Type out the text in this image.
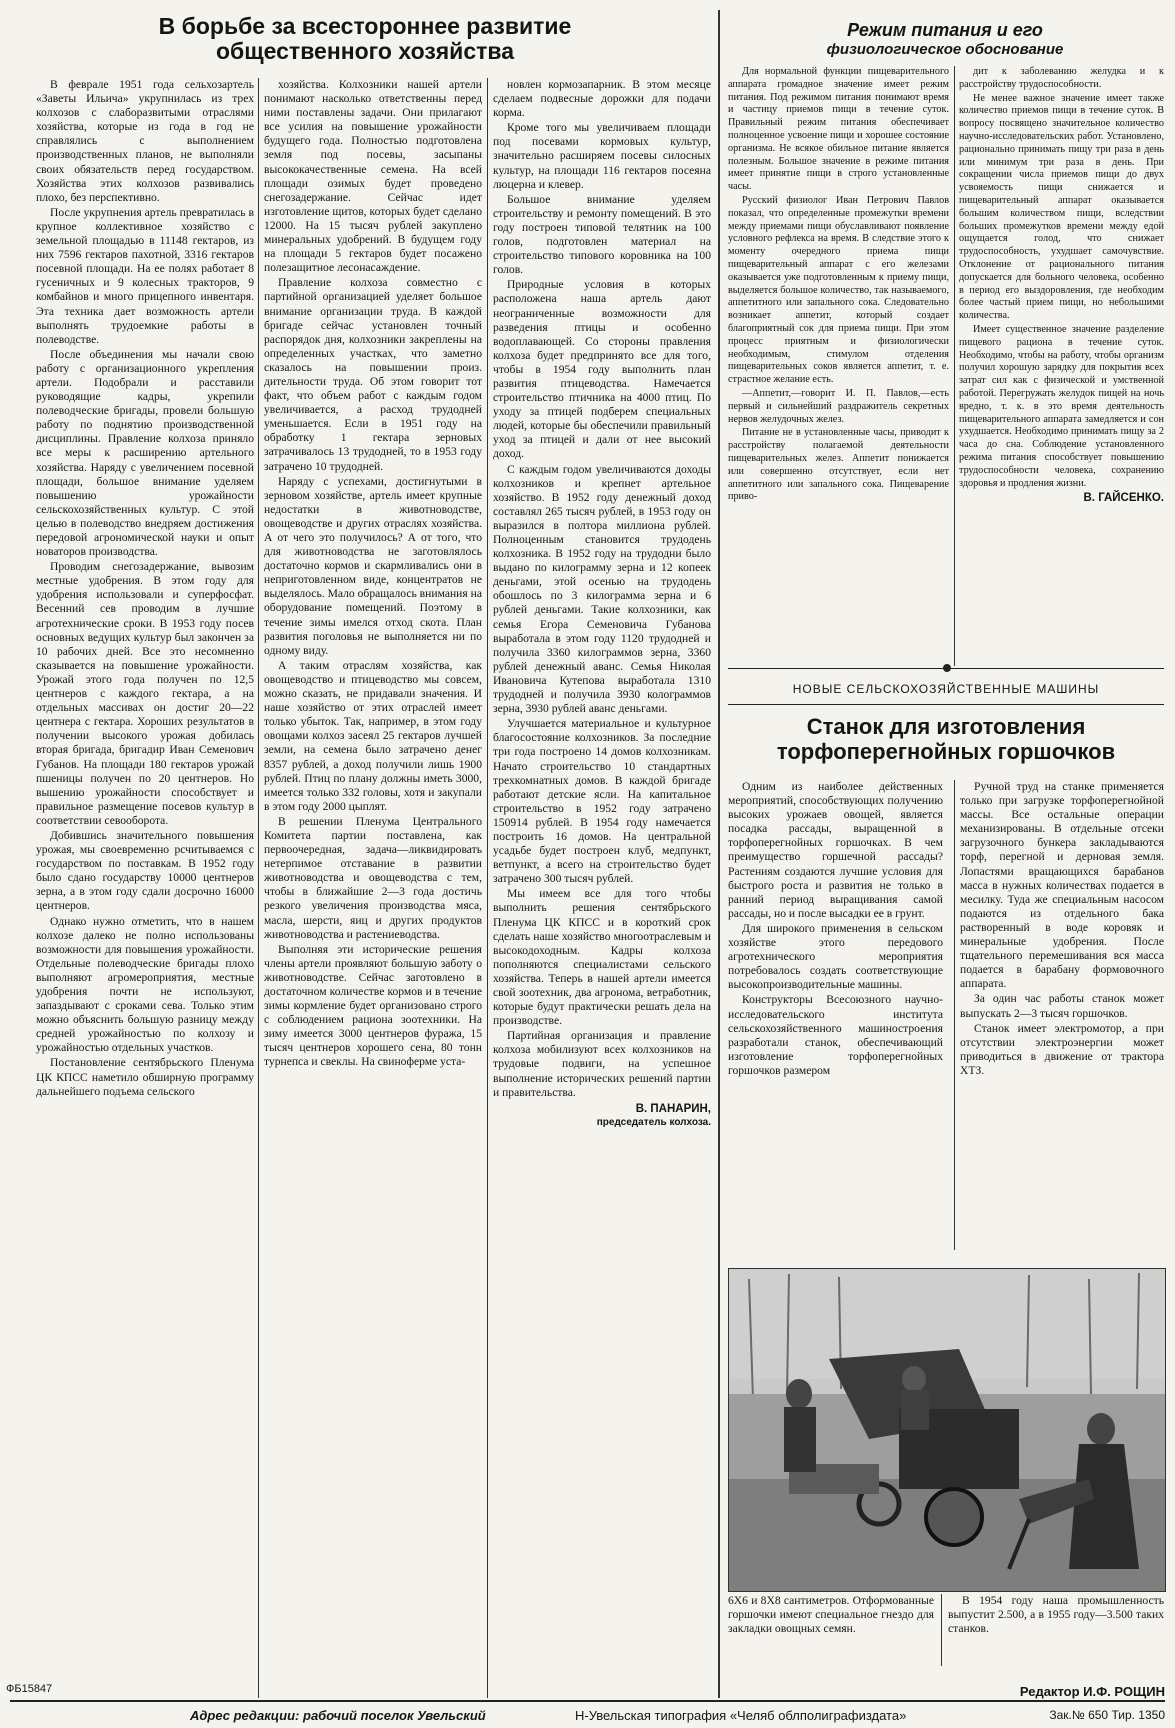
В борьбе за всестороннее развитие
общественного хозяйства

В феврале 1951 года сельхозартель «Заветы Ильича» укрупнилась из трех колхозов с слаборазвитыми отраслями хозяйства, которые из года в год не справлялись с выполнением производственных планов, не выполняли своих обязательств перед государством. Хозяйства этих колхозов развивались плохо, без перспективно.

После укрупнения артель превратилась в крупное коллективное хозяйство с земельной площадью в 11148 гектаров, из них 7596 гектаров пахотной, 3316 гектаров посевной площади. На ее полях работает 8 гусеничных и 9 колесных тракторов, 9 комбайнов и много прицепного инвентаря. Эта техника дает возможность артели выполнять трудоемкие работы в полеводстве.

После объединения мы начали свою работу с организационного укрепления артели. Подобрали и расставили руководящие кадры, укрепили полеводческие бригады, провели большую работу по поднятию производственной дисциплины. Правление колхоза приняло все меры к расширению артельного хозяйства. Наряду с увеличением посевной площади, большое внимание уделяем повышению урожайности сельскохозяйственных культур. С этой целью в полеводство внедряем достижения передовой агрономической науки и опыт новаторов производства.

Проводим снегозадержание, вывозим местные удобрения. В этом году для удобрения использовали и суперфосфат. Весенний сев проводим в лучшие агротехнические сроки. В 1953 году посев основных ведущих культур был закончен за 10 рабочих дней. Все это несомненно сказывается на повышение урожайности. Урожай этого года получен по 12,5 центнеров с каждого гектара, а на отдельных массивах он достиг 20—22 центнера с гектара. Хороших результатов в получении высокого урожая добилась вторая бригада, бригадир Иван Семенович Губанов. На площади 180 гектаров урожай пшеницы получен по 20 центнеров. Но вышению урожайности способствует и правильное размещение посевов культур в соответствии севооборота.

Добившись значительного повышения урожая, мы своевременно рсчитываемся с государством по поставкам. В 1952 году было сдано государству 10000 центнеров зерна, а в этом году сдали досрочно 16000 центнеров.

Однако нужно отметить, что в нашем колхозе далеко не полно использованы возможности для повышения урожайности. Отдельные полеводческие бригады плохо выполняют агромероприятия, местные удобрения почти не используют, запаздывают с сроками сева. Только этим можно объяснить большую разницу между средней урожайностью по колхозу и урожайностью отдельных участков.

Постановление сентябрьского Пленума ЦК КПСС наметило обширную программу дальнейшего подъема сельского

хозяйства. Колхозники нашей артели понимают насколько ответственны перед ними поставлены задачи. Они прилагают все усилия на повышение урожайности будущего года. Полностью подготовлена земля под посевы, засыпаны высококачественные семена. На всей площади озимых будет проведено снегозадержание. Сейчас идет изготовление щитов, которых будет сделано 12000. На 15 тысяч рублей закуплено минеральных удобрений. В будущем году на площади 5 гектаров будет посажено полезащитное лесонасаждение.

Правление колхоза совместно с партийной организацией уделяет большое внимание организации труда. В каждой бригаде сейчас установлен точный распорядок дня, колхозники закреплены на определенных участках, что заметно сказалось на повышении произ. дительности труда. Об этом говорит тот факт, что объем работ с каждым годом увеличивается, а расход трудодней уменьшается. Если в 1951 году на обработку 1 гектара зерновых затрачивалось 13 трудодней, то в 1953 году затрачено 10 трудодней.

Наряду с успехами, достигнутыми в зерновом хозяйстве, артель имеет крупные недостатки в животноводстве, овощеводстве и других отраслях хозяйства. А от чего это получилось? А от того, что для животноводства не заготовлялось достаточно кормов и скармливались они в неприготовленном виде, концентратов не выделялось. Мало обращалось внимания на оборудование помещений. Поэтому в течение зимы имелся отход скота. План развития поголовья не выполняется ни по одному виду.

А таким отраслям хозяйства, как овощеводство и птицеводство мы совсем, можно сказать, не придавали значения. И наше хозяйство от этих отраслей имеет только убыток. Так, например, в этом году овощами колхоз засеял 25 гектаров лучшей земли, на семена было затрачено денег 8357 рублей, а доход получили лишь 1900 рублей. Птиц по плану должны иметь 3000, имеется только 332 головы, хотя и закупали в этом году 2000 цыплят.

В решении Пленума Центрального Комитета партии поставлена, как первоочередная, задача—ликвидировать нетерпимое отставание в развитии животноводства и овощеводства с тем, чтобы в ближайшие 2—3 года достичь резкого увеличения производства мяса, масла, шерсти, яиц и других продуктов животноводства и растениеводства.

Выполняя эти исторические решения члены артели проявляют большую заботу о животноводстве. Сейчас заготовлено в достаточном количестве кормов и в течение зимы кормление будет организовано строго с соблюдением рациона зоотехники. На зиму имеется 3000 центнеров фуража, 15 тысяч центнеров хорошего сена, 80 тонн турнепса и свеклы. На свиноферме уста-

новлен кормозапарник. В этом месяце сделаем подвесные дорожки для подачи корма.

Кроме того мы увеличиваем площади под посевами кормовых культур, значительно расширяем посевы силосных культур, на площади 116 гектаров посеяна люцерна и клевер.

Большое внимание уделяем строительству и ремонту помещений. В это году построен типовой телятник на 100 голов, подготовлен материал на строительство типового коровника на 100 голов.

Природные условия в которых расположена наша артель дают неограниченные возможности для разведения птицы и особенно водоплавающей. Со стороны правления колхоза будет предпринято все для того, чтобы в 1954 году выполнить план развития птицеводства. Намечается строительство птичника на 4000 птиц. По уходу за птицей подберем специальных людей, которые бы обеспечили правильный уход за птицей и дали от нее высокий доход.

С каждым годом увеличиваются доходы колхозников и крепнет артельное хозяйство. В 1952 году денежный доход составлял 265 тысяч рублей, в 1953 году он выразился в полтора миллиона рублей. Полноценным становится трудодень колхозника. В 1952 году на трудодни было выдано по килограмму зерна и 12 копеек деньгами, этой осенью на трудодень обошлось по 3 килограмма зерна и 6 рублей деньгами. Такие колхозники, как семья Егора Семеновича Губанова выработала в этом году 1120 трудодней и получила 3360 килограммов зерна, 3360 рублей денежный аванс. Семья Николая Ивановича Кутепова выработала 1310 трудодней и получила 3930 колограммов зерна, 3930 рублей аванс деньгами.

Улучшается материальное и культурное благосостояние колхозников. За последние три года построено 14 домов колхозникам. Начато строительство 10 стандартных трехкомнатных домов. В каждой бригаде работают детские ясли. На капитальное строительство в 1952 году затрачено 150914 рублей. В 1954 году намечается построить 16 домов. На центральной усадьбе будет построен клуб, медпункт, ветпункт, а всего на строительство будет затрачено 300 тысяч рублей.

Мы имеем все для того чтобы выполнить решения сентябрьского Пленума ЦК КПСС и в короткий срок сделать наше хозяйство многоотраслевым и высокодоходным. Кадры колхоза пополняются специалистами сельского хозяйства. Теперь в нашей артели имеется свой зоотехник, два агронома, ветработник, которые будут практически решать дела на производстве.

Партийная организация и правление колхоза мобилизуют всех колхозников на трудовые подвиги, на успешное выполнение исторических решений партии и правительства.

В. ПАНАРИН,
председатель колхоза.
Режим питания и его
физиологическое обоснование

Для нормальной функции пищеварительного аппарата громадное значение имеет режим питания. Под режимом питания понимают время и частицу приемов пищи в течение суток. Правильный режим питания обеспечивает полноценное усвоение пищи и хорошее состояние организма. Не всякое обильное питание является полезным. Большое значение в режиме питания имеет принятие пищи в строго установленные часы.

Русский физиолог Иван Петрович Павлов показал, что определенные промежутки времени между приемами пищи обуславливают появление условного рефлекса на время. В следствие этого к моменту очередного приема пищи пищеварительный аппарат с его железами оказывается уже подготовленным к приему пищи, выделяется большое количество, так называемого, аппетитного или запального сока. Следовательно возникает аппетит, который создает благоприятный сок для приема пищи. При этом процесс приятным и физиологически необходимым, стимулом отделения пищеварительных соков является аппетит, т. е. страстное желание есть.

—Аппетит,—говорит И. П. Павлов,—есть первый и сильнейший раздражитель секретных нервов желудочных желез.

Питание не в установленные часы, приводит к расстройству полагаемой деятельности пищеварительных желез. Аппетит понижается или совершенно отсутствует, если нет аппетитного или запального сока. Пищеварение приво-

дит к заболеванию желудка и к расстройству трудоспособности.

Не менее важное значение имеет также количество приемов пищи в течение суток. В вопросу посвящено значительное количество научно-исследовательских работ. Установлено, рационально принимать пищу три раза в день или минимум три раза в день. При сокращении числа приемов пищи до двух усвояемость пищи снижается и пищеварительный аппарат оказывается большим количеством пищи, вследствии больших промежутков времени между едой ощущается голод, что снижает трудоспособность, ухудшает самочувствие. Отклонение от рационального питания допускается для больного человека, особенно в период его выздоровления, где необходим более частый прием пищи, но небольшими количества.

Имеет существенное значение разделение пищевого рациона в течение суток. Необходимо, чтобы на работу, чтобы организм получил хорошую зарядку для покрытия всех затрат сил как с физической и умственной работой. Перегружать желудок пищей на ночь вредно, т. к. в это время деятельность пищеварительного аппарата замедляется и сон ухудшается. Необходимо принимать пищу за 2 часа до сна. Соблюдение установленного режима питания способствует повышению трудоспособности человека, сохранению здоровья и продления жизни.

В. ГАЙСЕНКО.
НОВЫЕ СЕЛЬСКОХОЗЯЙСТВЕННЫЕ МАШИНЫ
Станок для изготовления
торфоперегнойных горшочков

Одним из наиболее действенных мероприятий, способствующих получению высоких урожаев овощей, является посадка рассады, выращенной в торфоперегнойных горшочках. В чем преимущество горшечной рассады? Растениям создаются лучшие условия для быстрого роста и развития не только в ранний период выращивания самой рассады, но и после высадки ее в грунт.

Для широкого применения в сельском хозяйстве этого передового агротехнического мероприятия потребовалось создать соответствующие высокопроизводительные машины.

Конструкторы Всесоюзного научно-исследовательского института сельскохозяйственного машиностроения разработали станок, обеспечивающий изготовление торфоперегнойных горшочков размером

Ручной труд на станке применяется только при загрузке торфоперегнойной массы. Все остальные операции механизированы. В отдельные отсеки загрузочного бункера закладываются торф, перегной и дерновая земля. Лопастями вращающихся барабанов масса в нужных количествах подается в месилку. Туда же специальным насосом подаются из отдельного бака растворенный в воде коровяк и минеральные удобрения. После тщательного перемешивания вся масса подается в барабану формовочного аппарата.

За один час работы станок может выпускать 2—3 тысяч горшочков.

Станок имеет электромотор, а при отсутствии электроэнергии может приводиться в движение от трактора ХТЗ.

6Х6 и 8Х8 сантиметров. Отформованные горшочки имеют специальное гнездо для закладки овощных семян.

В 1954 году наша промышленность выпустит 2.500, а в 1955 году—3.500 таких станков.

ФБ15847	Редактор И.Ф. РОЩИН
Адрес редакции: рабочий поселок Увельский	Н-Увельская типография «Челяб облполиграфиздата»	Зак.№ 650 Тир. 1350
